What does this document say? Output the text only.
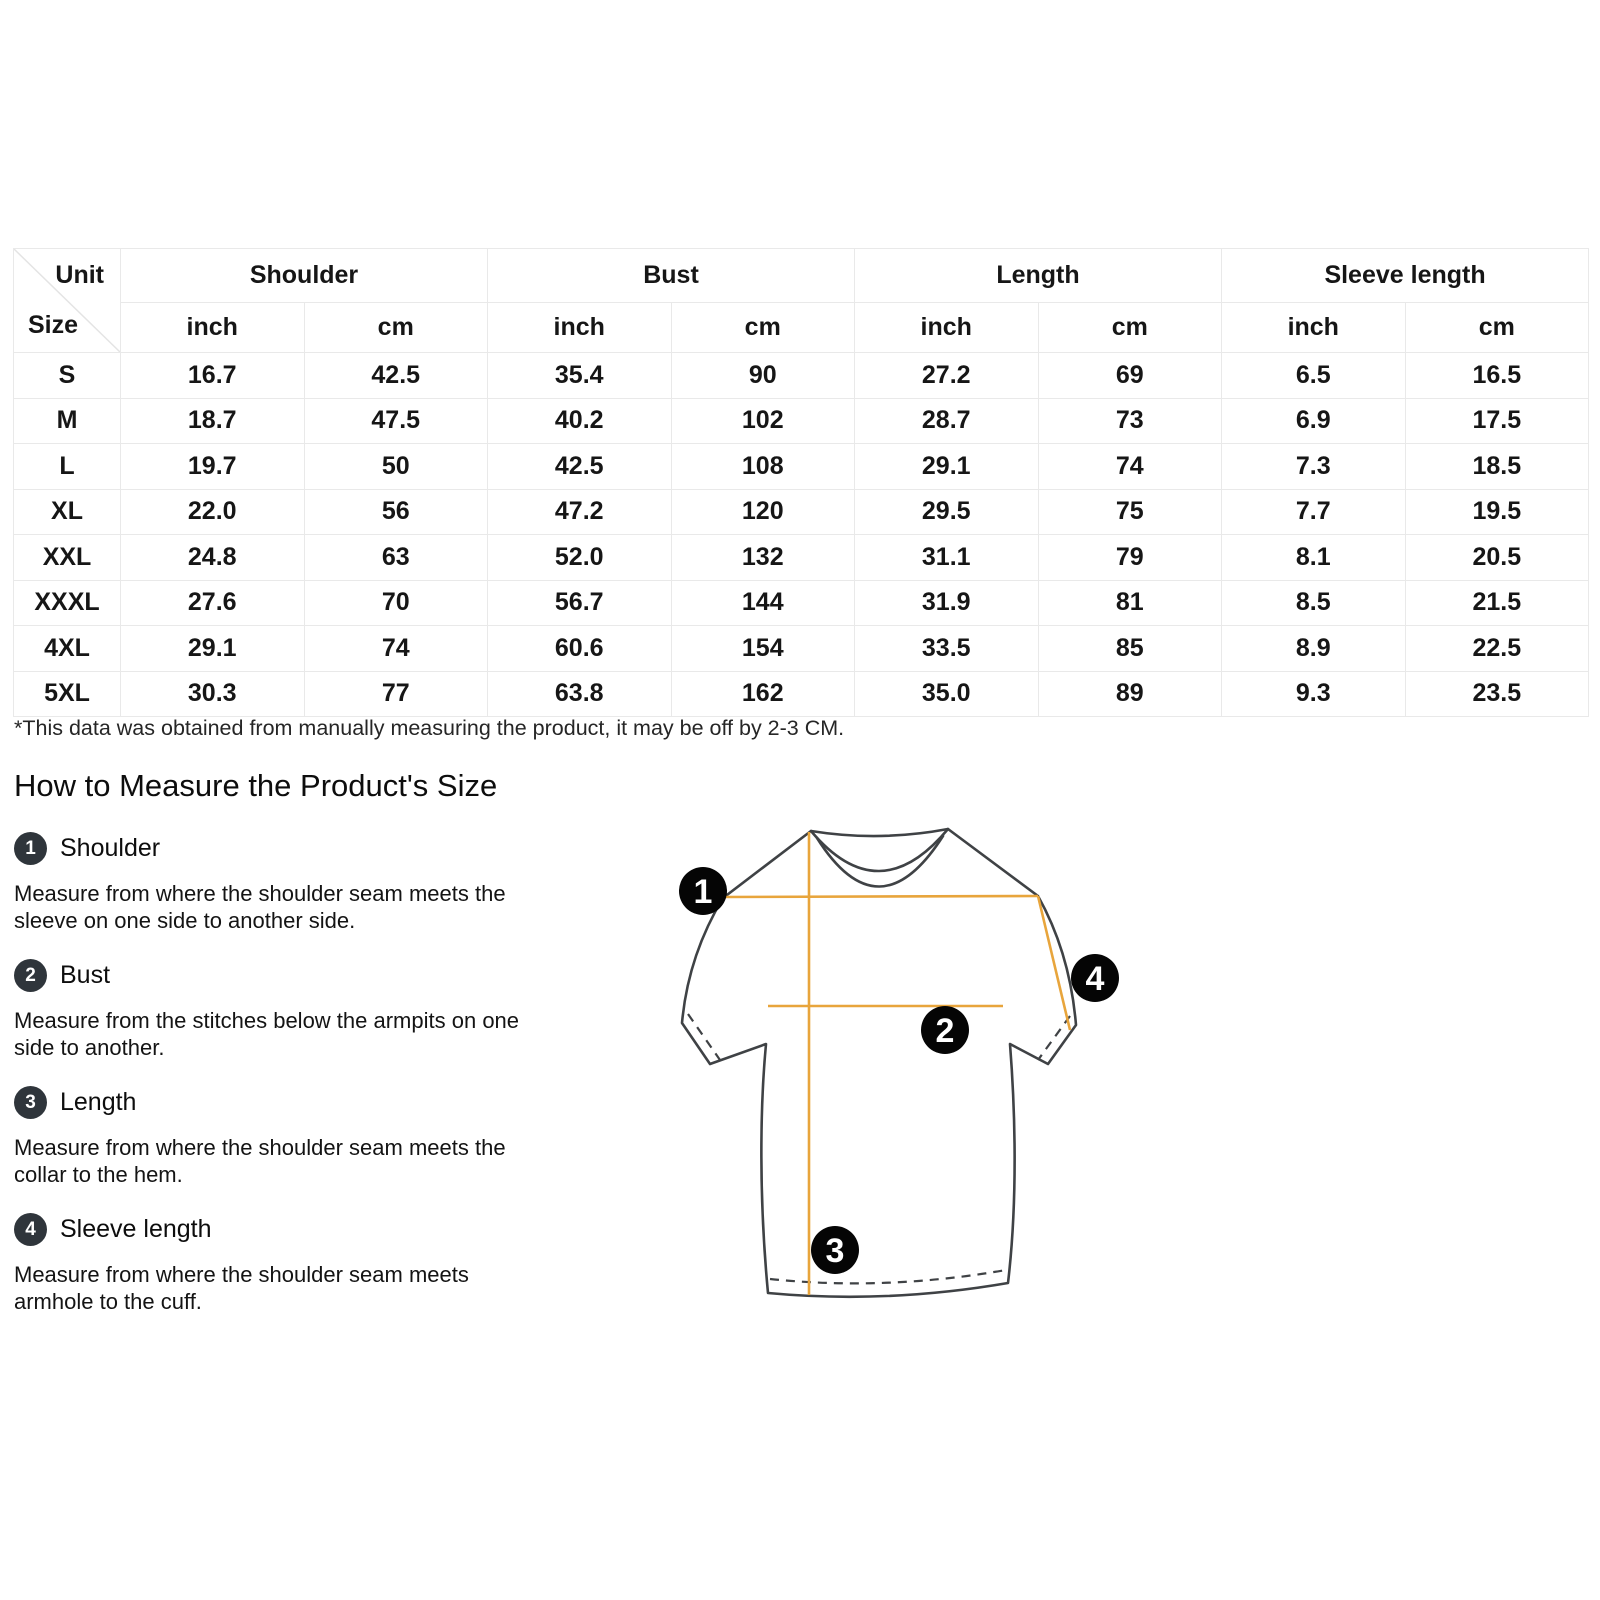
Unit
Size	Shoulder		Bust		Length		Sleeve length	
	inch	cm	inch	cm	inch	cm	inch	cm
S	16.7	42.5	35.4	90	27.2	69	6.5	16.5
M	18.7	47.5	40.2	102	28.7	73	6.9	17.5
L	19.7	50	42.5	108	29.1	74	7.3	18.5
XL	22.0	56	47.2	120	29.5	75	7.7	19.5
XXL	24.8	63	52.0	132	31.1	79	8.1	20.5
XXXL	27.6	70	56.7	144	31.9	81	8.5	21.5
4XL	29.1	74	60.6	154	33.5	85	8.9	22.5
5XL	30.3	77	63.8	162	35.0	89	9.3	23.5

*This data was obtained from manually measuring the product, it may be off by 2-3 CM.

How to Measure the Product's Size
1 Shoulder

Measure from where the shoulder seam meets the sleeve on one side to another side.

2 Bust

Measure from the stitches below the armpits on one side to another.

3 Length

Measure from where the shoulder seam meets the collar to the hem.

4 Sleeve length

Measure from where the shoulder seam meets armhole to the cuff.

1
2
3
4
